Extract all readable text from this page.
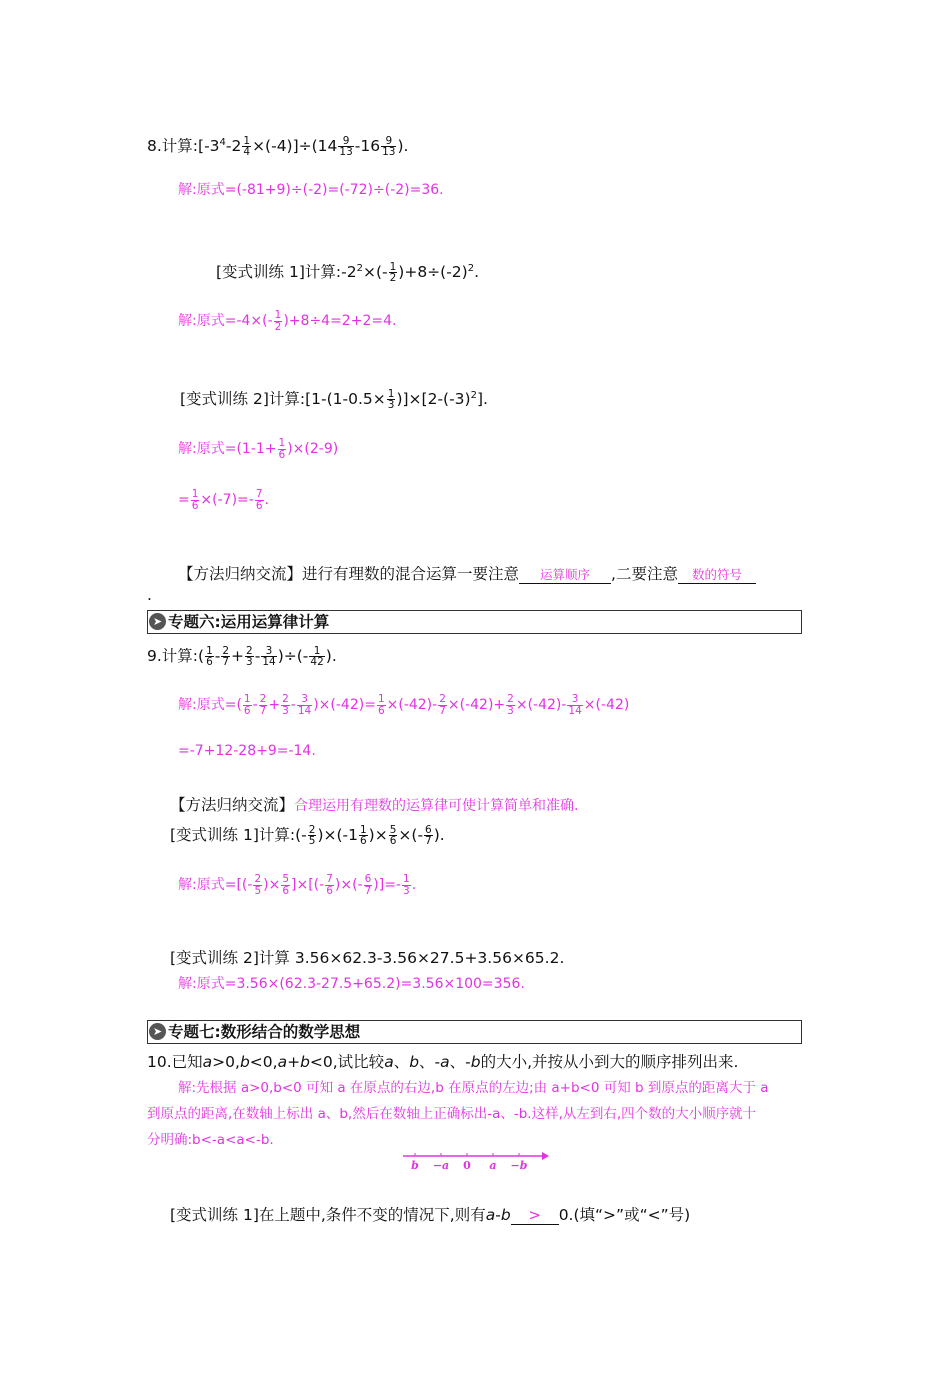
8.计算$:[-3^4-2 \frac{1}{4} \times(-4)]\div(14 \frac{9}{13} -16 \frac{9}{13}$ ).
解:原式=(-81+9)÷(-2)=(-72)÷(-2)=36.
[变式训练 1]计算$:-2^2\times(- \frac{1}{2} )+8\div(-2)^2$.
解:原式$=-4\times(- \frac{1}{2} )+8\div 4=2+2=4$.
[变式训练 2]计算:[1-(1-0.5× $\frac{1}{3} )]\times[2-(-3)^2]$.
解:原式$=(1-1+ \frac{1}{6} )\times(2-9)$
= $\frac{1}{6} \times(-7)=- \frac{7}{6}$ .
【方法归纳交流】进行有理数的混合运算一要注意 运算顺序 ,二要注意 数的符号
.
➤ 专题六:运用运算律计算
9.计算:( $\frac{1}{6} - \frac{2}{7} + \frac{2}{3} - \frac{3}{14}$ )÷(- $\frac{1}{42}$ ).
解:原式=( $\frac{1}{6} - \frac{2}{7} + \frac{2}{3} - \frac{3}{14} )\times(-42)= \frac{1}{6} \times(-42)- \frac{2}{7} \times(-42)+ \frac{2}{3} \times(-42)- \frac{3}{14} \times(-42)$
=-7+12-28+9=-14.
【方法归纳交流】合理运用有理数的运算律可使计算简单和准确.
[变式训练 1]计算:(- $\frac{2}{5} )\times(-1 \frac{1}{6}$ )× $\frac{5}{6}$ ×(- $\frac{6}{7}$ ).
解:原式=[(- $\frac{2}{5}$ )× $\frac{5}{6}$ ]×[(- $\frac{7}{6}$ )×(- $\frac{6}{7}$ )]=- $\frac{1}{3}$ .
[变式训练 2]计算 3.56×62.3-3.56×27.5+3.56×65.2.
解:原式=3.56×(62.3-27.5+65.2)=3.56×100=356.
➤ 专题七:数形结合的数学思想
10.已知a>0,b<0,a+b<0,试比较a、b、-a、-b的大小,并按从小到大的顺序排列出来.
解:先根据 a>0,b<0 可知 a 在原点的右边,b 在原点的左边;由 a+b<0 可知 b 到原点的距离大于 a
到原点的距离,在数轴上标出 a、b,然后在数轴上正确标出-a、-b.这样,从左到右,四个数的大小顺序就十
分明确:b<-a<a<-b.
b −a 0 a −b
[变式训练 1]在上题中,条件不变的情况下,则有a-b > 0.(填“>”或“<”号)
